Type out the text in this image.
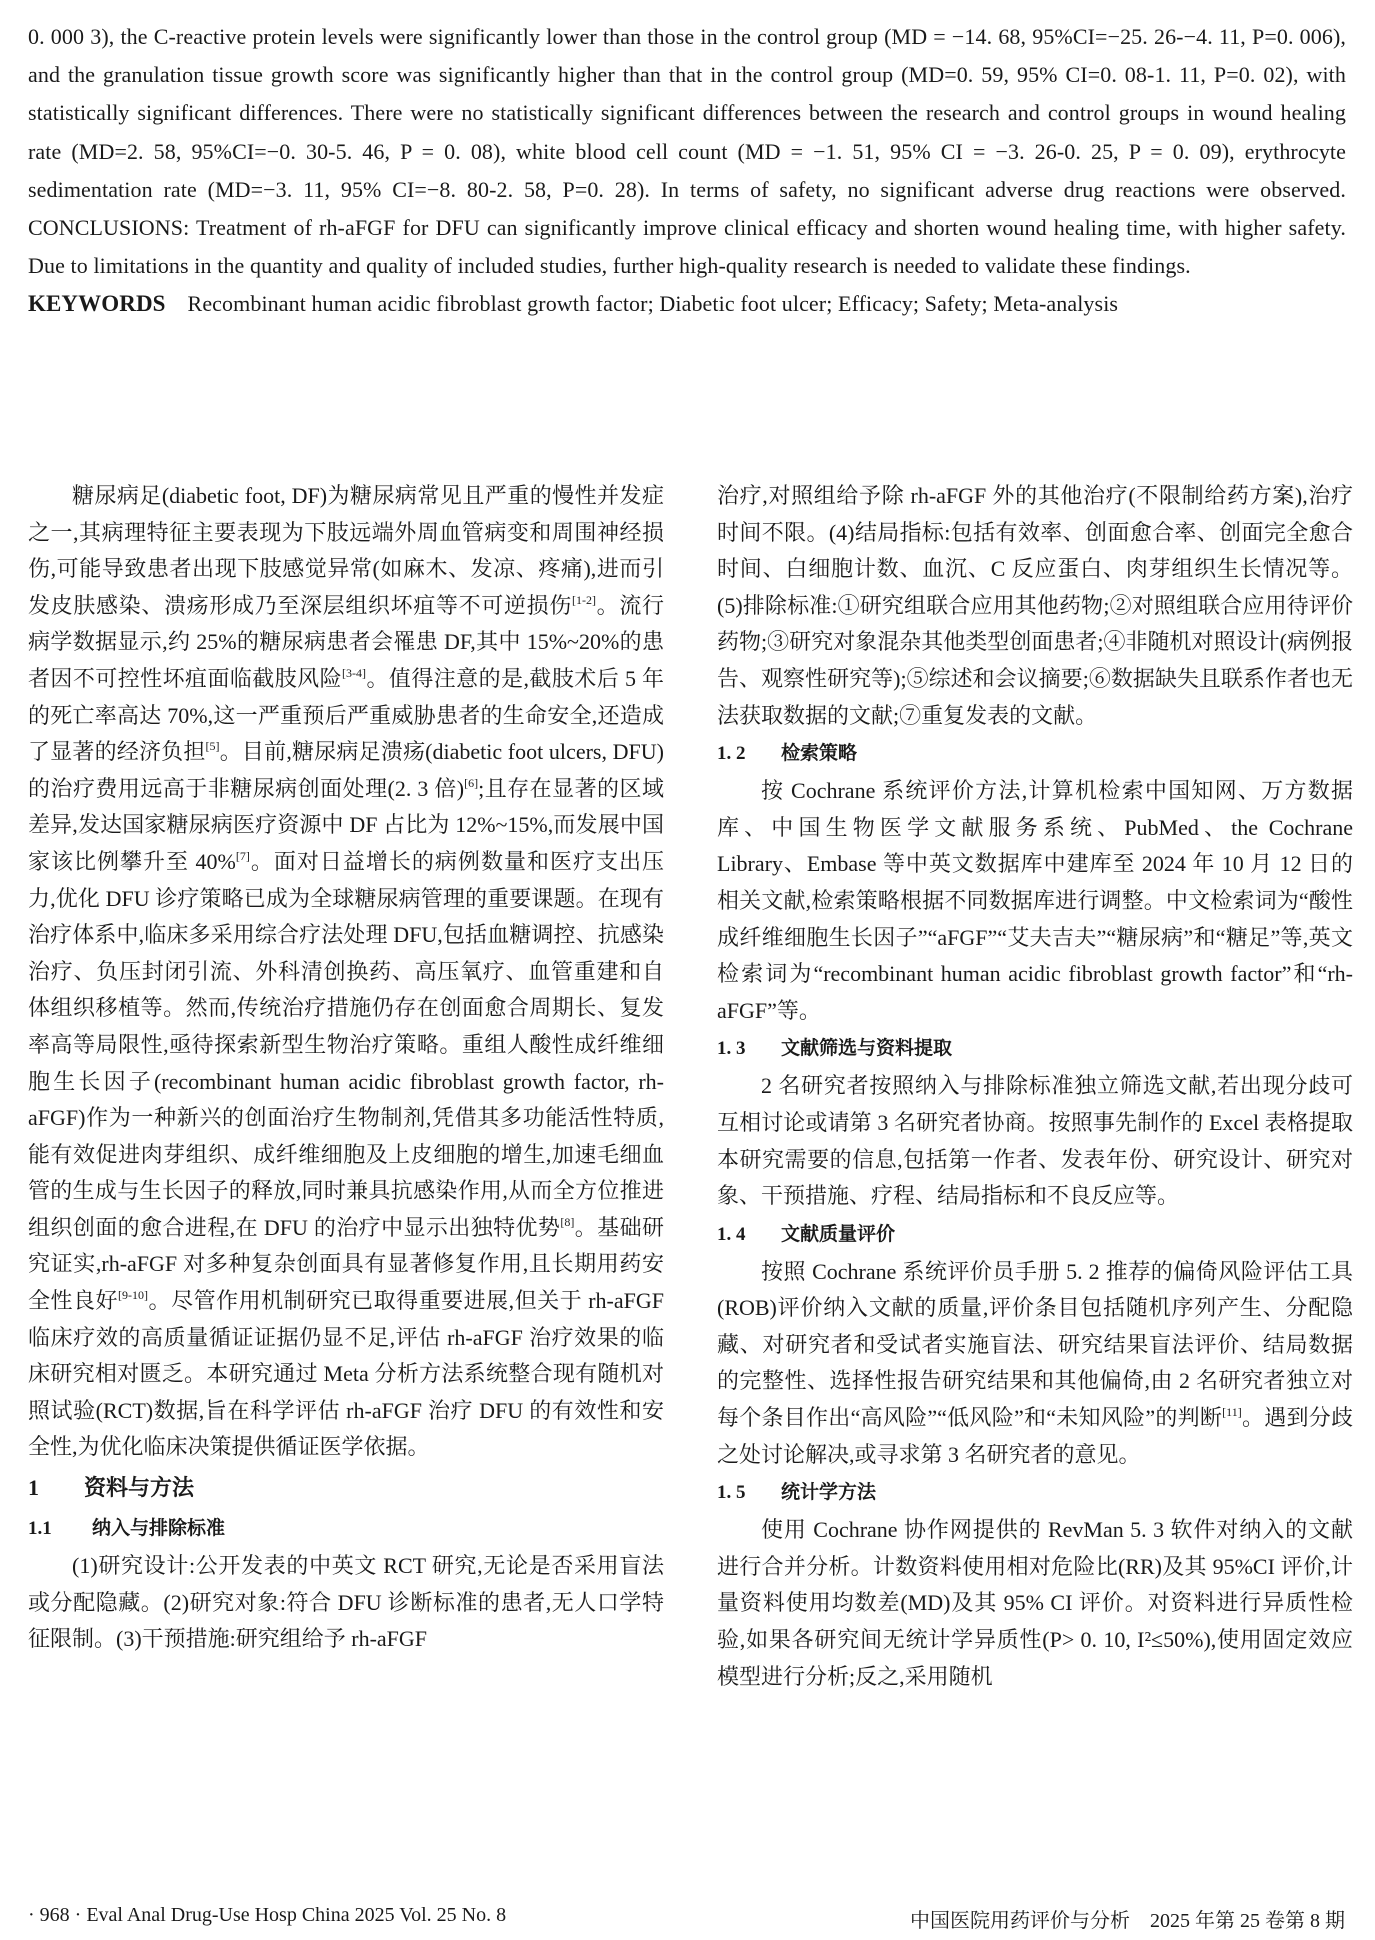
0. 000 3), the C-reactive protein levels were significantly lower than those in the control group (MD = −14. 68, 95%CI=−25. 26-−4. 11, P=0. 006), and the granulation tissue growth score was significantly higher than that in the control group (MD=0. 59, 95% CI=0. 08-1. 11, P=0. 02), with statistically significant differences. There were no statistically significant differences between the research and control groups in wound healing rate (MD=2. 58, 95%CI=−0. 30-5. 46, P = 0. 08), white blood cell count (MD = −1. 51, 95% CI = −3. 26-0. 25, P = 0. 09), erythrocyte sedimentation rate (MD=−3. 11, 95% CI=−8. 80-2. 58, P=0. 28). In terms of safety, no significant adverse drug reactions were observed. CONCLUSIONS: Treatment of rh-aFGF for DFU can significantly improve clinical efficacy and shorten wound healing time, with higher safety. Due to limitations in the quantity and quality of included studies, further high-quality research is needed to validate these findings.

KEYWORDS Recombinant human acidic fibroblast growth factor; Diabetic foot ulcer; Efficacy; Safety; Meta-analysis

糖尿病足(diabetic foot, DF)为糖尿病常见且严重的慢性并发症之一,其病理特征主要表现为下肢远端外周血管病变和周围神经损伤,可能导致患者出现下肢感觉异常(如麻木、发凉、疼痛),进而引发皮肤感染、溃疡形成乃至深层组织坏疽等不可逆损伤[1-2]。流行病学数据显示,约 25%的糖尿病患者会罹患 DF,其中 15%~20%的患者因不可控性坏疽面临截肢风险[3-4]。值得注意的是,截肢术后 5 年的死亡率高达 70%,这一严重预后严重威胁患者的生命安全,还造成了显著的经济负担[5]。目前,糖尿病足溃疡(diabetic foot ulcers, DFU)的治疗费用远高于非糖尿病创面处理(2. 3 倍)[6];且存在显著的区域差异,发达国家糖尿病医疗资源中 DF 占比为 12%~15%,而发展中国家该比例攀升至 40%[7]。面对日益增长的病例数量和医疗支出压力,优化 DFU 诊疗策略已成为全球糖尿病管理的重要课题。在现有治疗体系中,临床多采用综合疗法处理 DFU,包括血糖调控、抗感染治疗、负压封闭引流、外科清创换药、高压氧疗、血管重建和自体组织移植等。然而,传统治疗措施仍存在创面愈合周期长、复发率高等局限性,亟待探索新型生物治疗策略。重组人酸性成纤维细胞生长因子(recombinant human acidic fibroblast growth factor, rh-aFGF)作为一种新兴的创面治疗生物制剂,凭借其多功能活性特质,能有效促进肉芽组织、成纤维细胞及上皮细胞的增生,加速毛细血管的生成与生长因子的释放,同时兼具抗感染作用,从而全方位推进组织创面的愈合进程,在 DFU 的治疗中显示出独特优势[8]。基础研究证实,rh-aFGF 对多种复杂创面具有显著修复作用,且长期用药安全性良好[9-10]。尽管作用机制研究已取得重要进展,但关于 rh-aFGF 临床疗效的高质量循证证据仍显不足,评估 rh-aFGF 治疗效果的临床研究相对匮乏。本研究通过 Meta 分析方法系统整合现有随机对照试验(RCT)数据,旨在科学评估 rh-aFGF 治疗 DFU 的有效性和安全性,为优化临床决策提供循证医学依据。

1 资料与方法
1.1 纳入与排除标准

(1)研究设计:公开发表的中英文 RCT 研究,无论是否采用盲法或分配隐藏。(2)研究对象:符合 DFU 诊断标准的患者,无人口学特征限制。(3)干预措施:研究组给予 rh-aFGF

治疗,对照组给予除 rh-aFGF 外的其他治疗(不限制给药方案),治疗时间不限。(4)结局指标:包括有效率、创面愈合率、创面完全愈合时间、白细胞计数、血沉、C 反应蛋白、肉芽组织生长情况等。(5)排除标准:①研究组联合应用其他药物;②对照组联合应用待评价药物;③研究对象混杂其他类型创面患者;④非随机对照设计(病例报告、观察性研究等);⑤综述和会议摘要;⑥数据缺失且联系作者也无法获取数据的文献;⑦重复发表的文献。

1. 2 检索策略

按 Cochrane 系统评价方法,计算机检索中国知网、万方数据库、中国生物医学文献服务系统、PubMed、the Cochrane Library、Embase 等中英文数据库中建库至 2024 年 10 月 12 日的相关文献,检索策略根据不同数据库进行调整。中文检索词为“酸性成纤维细胞生长因子”“aFGF”“艾夫吉夫”“糖尿病”和“糖足”等,英文检索词为“recombinant human acidic fibroblast growth factor”和“rh-aFGF”等。

1. 3 文献筛选与资料提取

2 名研究者按照纳入与排除标准独立筛选文献,若出现分歧可互相讨论或请第 3 名研究者协商。按照事先制作的 Excel 表格提取本研究需要的信息,包括第一作者、发表年份、研究设计、研究对象、干预措施、疗程、结局指标和不良反应等。

1. 4 文献质量评价

按照 Cochrane 系统评价员手册 5. 2 推荐的偏倚风险评估工具(ROB)评价纳入文献的质量,评价条目包括随机序列产生、分配隐藏、对研究者和受试者实施盲法、研究结果盲法评价、结局数据的完整性、选择性报告研究结果和其他偏倚,由 2 名研究者独立对每个条目作出“高风险”“低风险”和“未知风险”的判断[11]。遇到分歧之处讨论解决,或寻求第 3 名研究者的意见。

1. 5 统计学方法

使用 Cochrane 协作网提供的 RevMan 5. 3 软件对纳入的文献进行合并分析。计数资料使用相对危险比(RR)及其 95%CI 评价,计量资料使用均数差(MD)及其 95% CI 评价。对资料进行异质性检验,如果各研究间无统计学异质性(P> 0. 10, I²≤50%),使用固定效应模型进行分析;反之,采用随机

· 968 · Eval Anal Drug-Use Hosp China 2025 Vol. 25 No. 8	中国医院用药评价与分析　2025 年第 25 卷第 8 期
